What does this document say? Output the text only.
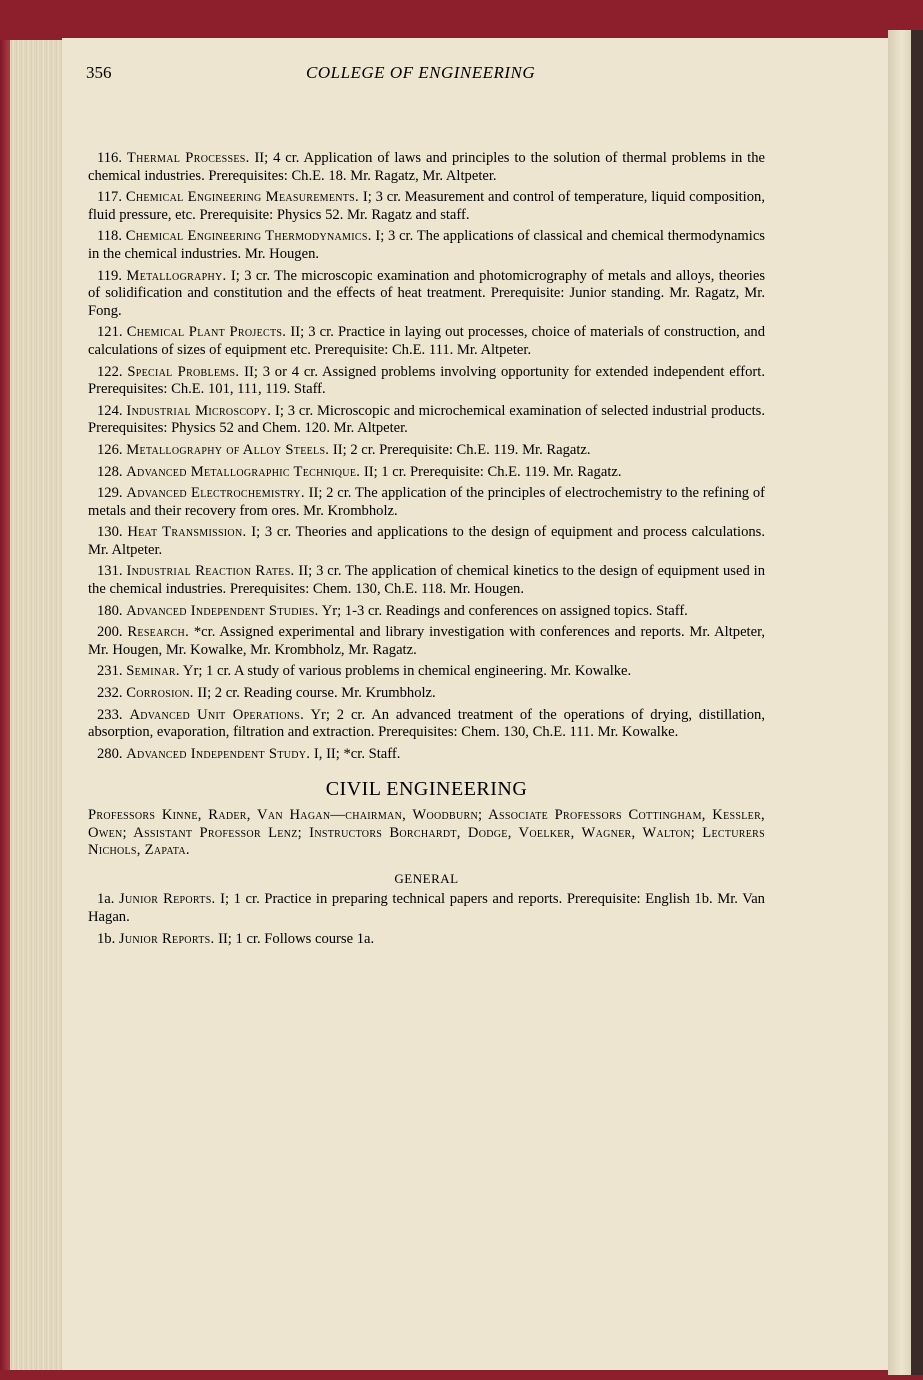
356	COLLEGE OF ENGINEERING

116. Thermal Processes. II; 4 cr. Application of laws and principles to the solution of thermal problems in the chemical industries. Prerequisites: Ch.E. 18. Mr. Ragatz, Mr. Altpeter.

117. Chemical Engineering Measurements. I; 3 cr. Measurement and control of temperature, liquid composition, fluid pressure, etc. Prerequisite: Physics 52. Mr. Ragatz and staff.

118. Chemical Engineering Thermodynamics. I; 3 cr. The applications of classical and chemical thermodynamics in the chemical industries. Mr. Hougen.

119. Metallography. I; 3 cr. The microscopic examination and photomicrography of metals and alloys, theories of solidification and constitution and the effects of heat treatment. Prerequisite: Junior standing. Mr. Ragatz, Mr. Fong.

121. Chemical Plant Projects. II; 3 cr. Practice in laying out processes, choice of materials of construction, and calculations of sizes of equipment etc. Prerequisite: Ch.E. 111. Mr. Altpeter.

122. Special Problems. II; 3 or 4 cr. Assigned problems involving opportunity for extended independent effort. Prerequisites: Ch.E. 101, 111, 119. Staff.

124. Industrial Microscopy. I; 3 cr. Microscopic and microchemical examination of selected industrial products. Prerequisites: Physics 52 and Chem. 120. Mr. Altpeter.

126. Metallography of Alloy Steels. II; 2 cr. Prerequisite: Ch.E. 119. Mr. Ragatz.

128. Advanced Metallographic Technique. II; 1 cr. Prerequisite: Ch.E. 119. Mr. Ragatz.

129. Advanced Electrochemistry. II; 2 cr. The application of the principles of electrochemistry to the refining of metals and their recovery from ores. Mr. Krombholz.

130. Heat Transmission. I; 3 cr. Theories and applications to the design of equipment and process calculations. Mr. Altpeter.

131. Industrial Reaction Rates. II; 3 cr. The application of chemical kinetics to the design of equipment used in the chemical industries. Prerequisites: Chem. 130, Ch.E. 118. Mr. Hougen.

180. Advanced Independent Studies. Yr; 1-3 cr. Readings and conferences on assigned topics. Staff.

200. Research. *cr. Assigned experimental and library investigation with conferences and reports. Mr. Altpeter, Mr. Hougen, Mr. Kowalke, Mr. Krombholz, Mr. Ragatz.

231. Seminar. Yr; 1 cr. A study of various problems in chemical engineering. Mr. Kowalke.

232. Corrosion. II; 2 cr. Reading course. Mr. Krumbholz.

233. Advanced Unit Operations. Yr; 2 cr. An advanced treatment of the operations of drying, distillation, absorption, evaporation, filtration and extraction. Prerequisites: Chem. 130, Ch.E. 111. Mr. Kowalke.

280. Advanced Independent Study. I, II; *cr. Staff.

CIVIL ENGINEERING

Professors Kinne, Rader, Van Hagan—chairman, Woodburn; Associate Professors Cottingham, Kessler, Owen; Assistant Professor Lenz; Instructors Borchardt, Dodge, Voelker, Wagner, Walton; Lecturers Nichols, Zapata.

GENERAL

1a. Junior Reports. I; 1 cr. Practice in preparing technical papers and reports. Prerequisite: English 1b. Mr. Van Hagan.

1b. Junior Reports. II; 1 cr. Follows course 1a.
